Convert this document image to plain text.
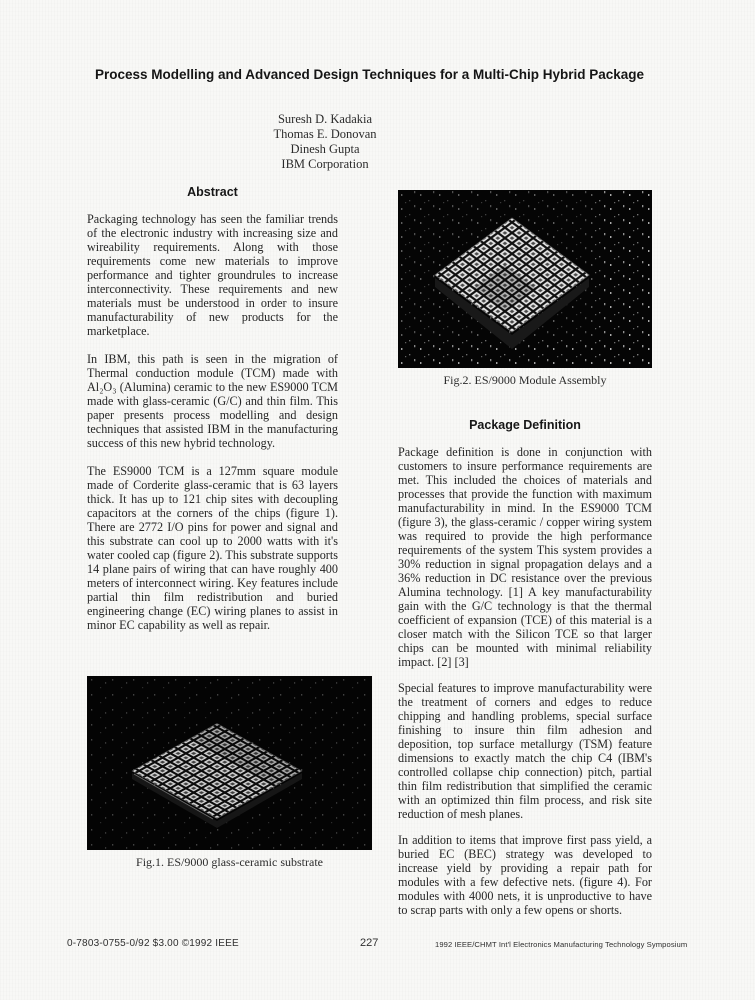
Process Modelling and Advanced Design Techniques for a Multi-Chip Hybrid Package
Suresh D. Kadakia
Thomas E. Donovan
Dinesh Gupta
IBM Corporation
Abstract

Packaging technology has seen the familiar trends of the electronic industry with increasing size and wireability requirements. Along with those requirements come new materials to improve performance and tighter groundrules to increase interconnectivity. These requirements and new materials must be understood in order to insure manufacturability of new products for the marketplace.

In IBM, this path is seen in the migration of Thermal conduction module (TCM) made with Al₂O₃ (Alumina) ceramic to the new ES9000 TCM made with glass-ceramic (G/C) and thin film. This paper presents process modelling and design techniques that assisted IBM in the manufacturing success of this new hybrid technology.

The ES9000 TCM is a 127mm square module made of Corderite glass-ceramic that is 63 layers thick. It has up to 121 chip sites with decoupling capacitors at the corners of the chips (figure 1). There are 2772 I/O pins for power and signal and this substrate can cool up to 2000 watts with it's water cooled cap (figure 2). This substrate supports 14 plane pairs of wiring that can have roughly 400 meters of interconnect wiring. Key features include partial thin film redistribution and buried engineering change (EC) wiring planes to assist in minor EC capability as well as repair.

Fig.1. ES/9000 glass-ceramic substrate
Fig.2. ES/9000 Module Assembly
Package Definition

Package definition is done in conjunction with customers to insure performance requirements are met. This included the choices of materials and processes that provide the function with maximum manufacturability in mind. In the ES9000 TCM (figure 3), the glass-ceramic / copper wiring system was required to provide the high performance requirements of the system This system provides a 30% reduction in signal propagation delays and a 36% reduction in DC resistance over the previous Alumina technology. [1] A key manufacturability gain with the G/C technology is that the thermal coefficient of expansion (TCE) of this material is a closer match with the Silicon TCE so that larger chips can be mounted with minimal reliability impact. [2] [3]

Special features to improve manufacturability were the treatment of corners and edges to reduce chipping and handling problems, special surface finishing to insure thin film adhesion and deposition, top surface metallurgy (TSM) feature dimensions to exactly match the chip C4 (IBM's controlled collapse chip connection) pitch, partial thin film redistribution that simplified the ceramic with an optimized thin film process, and risk site reduction of mesh planes.

In addition to items that improve first pass yield, a buried EC (BEC) strategy was developed to increase yield by providing a repair path for modules with a few defective nets. (figure 4). For modules with 4000 nets, it is unproductive to have to scrap parts with only a few opens or shorts.

0-7803-0755-0/92 $3.00 ©1992 IEEE	227	1992 IEEE/CHMT Int'l Electronics Manufacturing Technology Symposium
